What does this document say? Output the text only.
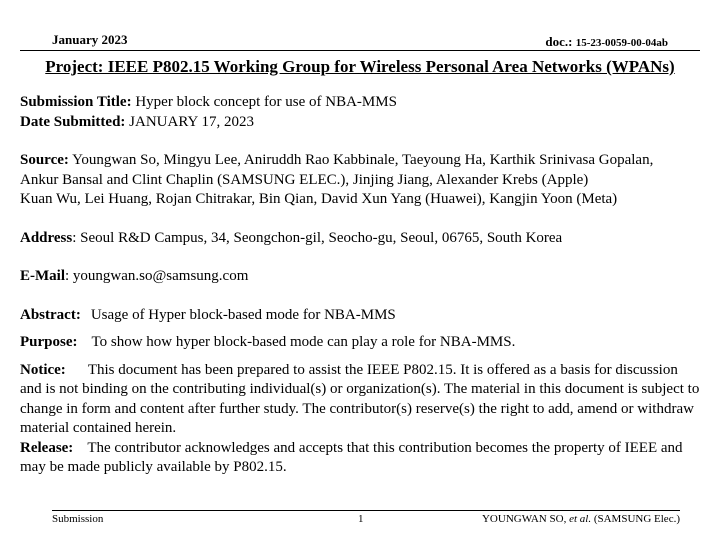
January 2023	doc.: 15-23-0059-00-04ab
Project: IEEE P802.15 Working Group for Wireless Personal Area Networks (WPANs)

Submission Title: Hyper block concept for use of NBA-MMS

Date Submitted: JANUARY 17, 2023

Source: Youngwan So, Mingyu Lee, Aniruddh Rao Kabbinale, Taeyoung Ha, Karthik Srinivasa Gopalan,

Ankur Bansal and Clint Chaplin (SAMSUNG ELEC.), Jinjing Jiang, Alexander Krebs (Apple)

Kuan Wu, Lei Huang, Rojan Chitrakar, Bin Qian, David Xun Yang (Huawei), Kangjin Yoon (Meta)

Address: Seoul R&D Campus, 34, Seongchon-gil, Seocho-gu, Seoul, 06765, South Korea

E-Mail: youngwan.so@samsung.com

Abstract: Usage of Hyper block-based mode for NBA-MMS

Purpose: To show how hyper block-based mode can play a role for NBA-MMS.

Notice: This document has been prepared to assist the IEEE P802.15. It is offered as a basis for discussion and is not binding on the contributing individual(s) or organization(s). The material in this document is subject to change in form and content after further study. The contributor(s) reserve(s) the right to add, amend or withdraw material contained herein.

Release: The contributor acknowledges and accepts that this contribution becomes the property of IEEE and may be made publicly available by P802.15.

Submission	1	YOUNGWAN SO, et al. (SAMSUNG Elec.)
